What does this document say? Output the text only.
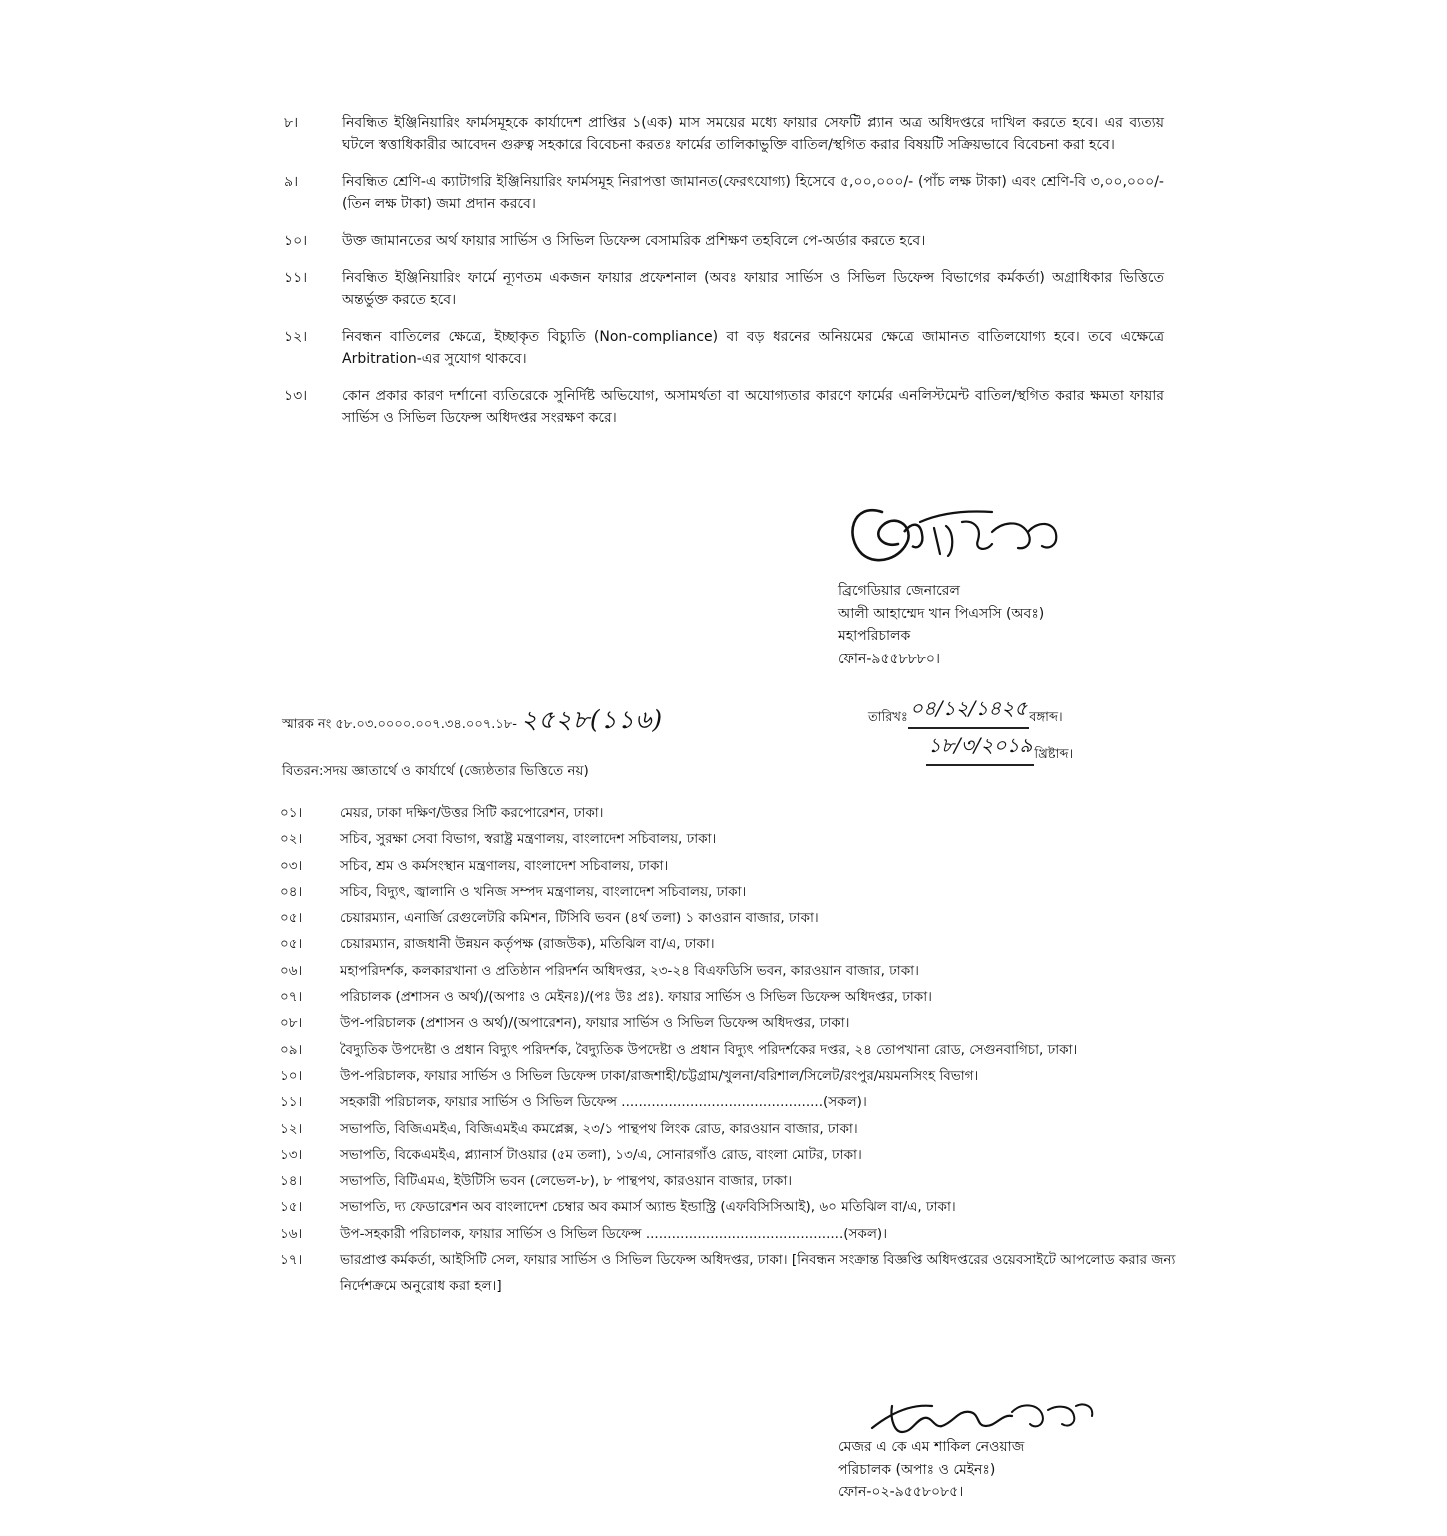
৮।	নিবন্ধিত ইঞ্জিনিয়ারিং ফার্মসমূহকে কার্যাদেশ প্রাপ্তির ১(এক) মাস সময়ের মধ্যে ফায়ার সেফটি প্ল্যান অত্র অধিদপ্তরে দাখিল করতে হবে। এর ব্যত্যয় ঘটলে স্বত্তাধিকারীর আবেদন গুরুত্ব সহকারে বিবেচনা করতঃ ফার্মের তালিকাভুক্তি বাতিল/স্থগিত করার বিষয়টি সক্রিয়ভাবে বিবেচনা করা হবে।
৯।	নিবন্ধিত শ্রেণি-এ ক্যাটাগরি ইঞ্জিনিয়ারিং ফার্মসমূহ নিরাপত্তা জামানত(ফেরৎযোগ্য) হিসেবে ৫,০০,০০০/- (পাঁচ লক্ষ টাকা) এবং শ্রেণি-বি ৩,০০,০০০/- (তিন লক্ষ টাকা) জমা প্রদান করবে।
১০।	উক্ত জামানতের অর্থ ফায়ার সার্ভিস ও সিভিল ডিফেন্স বেসামরিক প্রশিক্ষণ তহবিলে পে-অর্ডার করতে হবে।
১১।	নিবন্ধিত ইঞ্জিনিয়ারিং ফার্মে ন্যূণতম একজন ফায়ার প্রফেশনাল (অবঃ ফায়ার সার্ভিস ও সিভিল ডিফেন্স বিভাগের কর্মকর্তা) অগ্রাধিকার ভিত্তিতে অন্তর্ভুক্ত করতে হবে।
১২।	নিবন্ধন বাতিলের ক্ষেত্রে, ইচ্ছাকৃত বিচ্যুতি (Non-compliance) বা বড় ধরনের অনিয়মের ক্ষেত্রে জামানত বাতিলযোগ্য হবে। তবে এক্ষেত্রে Arbitration-এর সুযোগ থাকবে।
১৩।	কোন প্রকার কারণ দর্শানো ব্যতিরেকে সুনির্দিষ্ট অভিযোগ, অসামর্থতা বা অযোগ্যতার কারণে ফার্মের এনলিস্টমেন্ট বাতিল/স্থগিত করার ক্ষমতা ফায়ার সার্ভিস ও সিভিল ডিফেন্স অধিদপ্তর সংরক্ষণ করে।
ব্রিগেডিয়ার জেনারেল
আলী আহাম্মেদ খান পিএসসি (অবঃ)
মহাপরিচালক
ফোন-৯৫৫৮৮৮০।
স্মারক নং ৫৮.০৩.০০০০.০০৭.৩৪.০০৭.১৮- ২৫২৮(১১৬)	তারিখঃ ০৪/১২/১৪২৫ বঙ্গাব্দ।
১৮/৩/২০১৯ খ্রিষ্টাব্দ।
বিতরন:সদয় জ্ঞাতার্থে ও কার্যার্থে (জ্যেষ্ঠতার ভিত্তিতে নয়)
০১।	মেয়র, ঢাকা দক্ষিণ/উত্তর সিটি করপোরেশন, ঢাকা।
০২।	সচিব, সুরক্ষা সেবা বিভাগ, স্বরাষ্ট্র মন্ত্রণালয়, বাংলাদেশ সচিবালয়, ঢাকা।
০৩।	সচিব, শ্রম ও কর্মসংস্থান মন্ত্রণালয়, বাংলাদেশ সচিবালয়, ঢাকা।
০৪।	সচিব, বিদ্যুৎ, জ্বালানি ও খনিজ সম্পদ মন্ত্রণালয়, বাংলাদেশ সচিবালয়, ঢাকা।
০৫।	চেয়ারম্যান, এনার্জি রেগুলেটরি কমিশন, টিসিবি ভবন (৪র্থ তলা) ১ কাওরান বাজার, ঢাকা।
০৫।	চেয়ারম্যান, রাজধানী উন্নয়ন কর্তৃপক্ষ (রাজউক), মতিঝিল বা/এ, ঢাকা।
০৬।	মহাপরিদর্শক, কলকারখানা ও প্রতিষ্ঠান পরিদর্শন অধিদপ্তর, ২৩-২৪ বিএফডিসি ভবন, কারওয়ান বাজার, ঢাকা।
০৭।	পরিচালক (প্রশাসন ও অর্থ)/(অপাঃ ও মেইনঃ)/(পঃ উঃ প্রঃ). ফায়ার সার্ভিস ও সিভিল ডিফেন্স অধিদপ্তর, ঢাকা।
০৮।	উপ-পরিচালক (প্রশাসন ও অর্থ)/(অপারেশন), ফায়ার সার্ভিস ও সিভিল ডিফেন্স অধিদপ্তর, ঢাকা।
০৯।	বৈদ্যুতিক উপদেষ্টা ও প্রধান বিদ্যুৎ পরিদর্শক, বৈদ্যুতিক উপদেষ্টা ও প্রধান বিদ্যুৎ পরিদর্শকের দপ্তর, ২৪ তোপখানা রোড, সেগুনবাগিচা, ঢাকা।
১০।	উপ-পরিচালক, ফায়ার সার্ভিস ও সিভিল ডিফেন্স ঢাকা/রাজশাহী/চট্টগ্রাম/খুলনা/বরিশাল/সিলেট/রংপুর/ময়মনসিংহ বিভাগ।
১১।	সহকারী পরিচালক, ফায়ার সার্ভিস ও সিভিল ডিফেন্স ...............................................(সকল)।
১২।	সভাপতি, বিজিএমইএ, বিজিএমইএ কমপ্লেক্স, ২৩/১ পান্থপথ লিংক রোড, কারওয়ান বাজার, ঢাকা।
১৩।	সভাপতি, বিকেএমইএ, প্ল্যানার্স টাওয়ার (৫ম তলা), ১৩/এ, সোনারগাঁও রোড, বাংলা মোটর, ঢাকা।
১৪।	সভাপতি, বিটিএমএ, ইউটিসি ভবন (লেভেল-৮), ৮ পান্থপথ, কারওয়ান বাজার, ঢাকা।
১৫।	সভাপতি, দ্য ফেডারেশন অব বাংলাদেশ চেম্বার অব কমার্স অ্যান্ড ইন্ডাস্ট্রি (এফবিসিসিআই), ৬০ মতিঝিল বা/এ, ঢাকা।
১৬।	উপ-সহকারী পরিচালক, ফায়ার সার্ভিস ও সিভিল ডিফেন্স ..............................................(সকল)।
১৭।	ভারপ্রাপ্ত কর্মকর্তা, আইসিটি সেল, ফায়ার সার্ভিস ও সিভিল ডিফেন্স অধিদপ্তর, ঢাকা। [নিবন্ধন সংক্রান্ত বিজ্ঞপ্তি অধিদপ্তরের ওয়েবসাইটে আপলোড করার জন্য নির্দেশক্রমে অনুরোধ করা হল।]
মেজর এ কে এম শাকিল নেওয়াজ
পরিচালক (অপাঃ ও মেইনঃ)
ফোন-০২-৯৫৫৮০৮৫।
